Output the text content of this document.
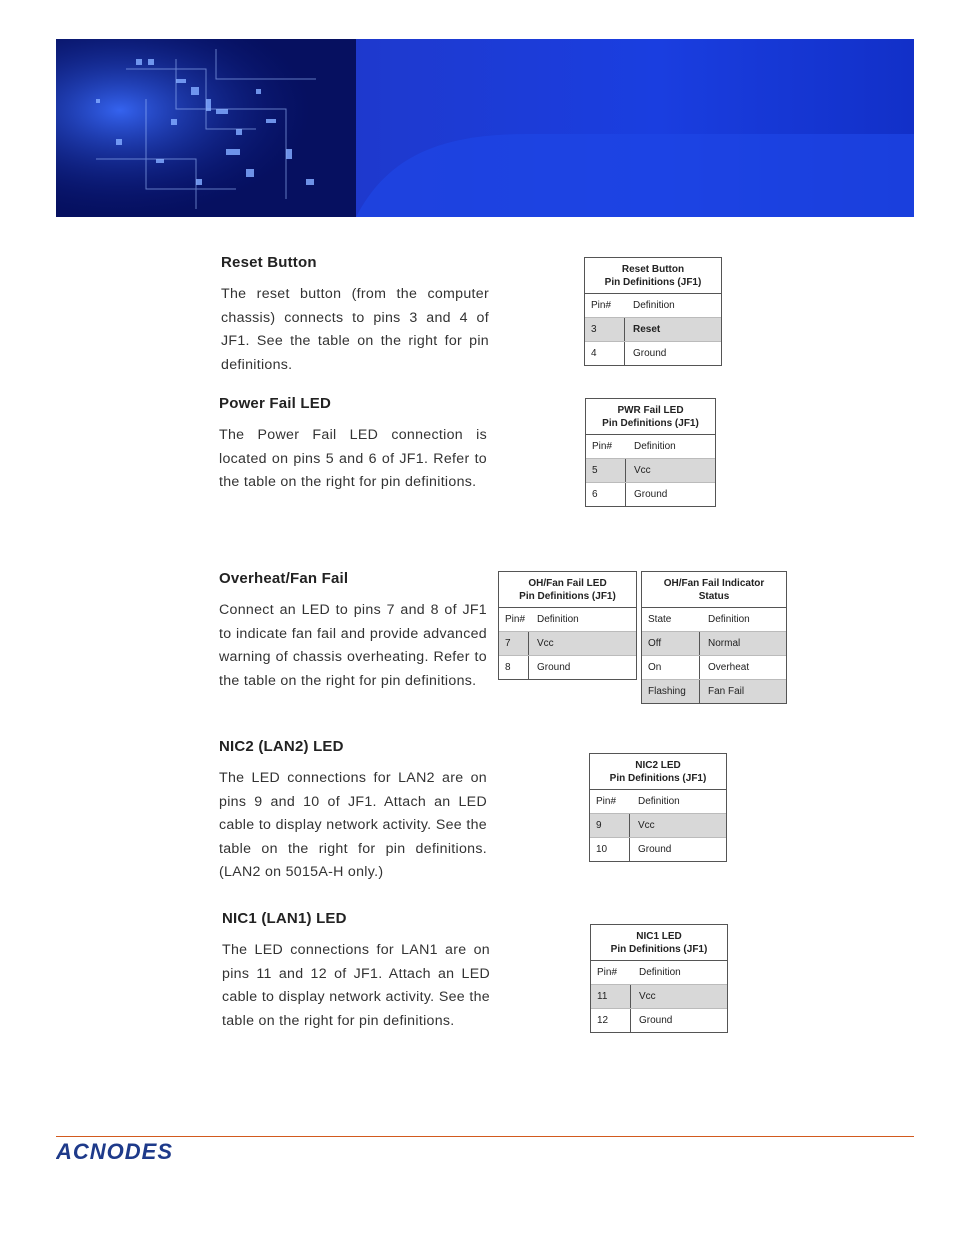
Reset Button

The reset button (from the computer chassis) connects to pins 3 and 4 of JF1. See the table on the right for pin definitions.

Reset Button
Pin Definitions (JF1)
Pin#	Definition
3	Reset
4	Ground
Power Fail LED

The Power Fail LED connection is located on pins 5 and 6 of JF1. Refer to the table on the right for pin definitions.

PWR Fail LED
Pin Definitions (JF1)
Pin#	Definition
5	Vcc
6	Ground
Overheat/Fan Fail

Connect an LED to pins 7 and 8 of JF1 to indicate fan fail and provide advanced warning of chassis overheating. Refer to the table on the right for pin definitions.

OH/Fan Fail LED
Pin Definitions (JF1)
Pin#	Definition
7	Vcc
8	Ground
OH/Fan Fail Indicator
Status
State	Definition
Off	Normal
On	Overheat
Flashing	Fan Fail
NIC2 (LAN2) LED

The LED connections for LAN2 are on pins 9 and 10 of JF1. Attach an LED cable to display network activity. See the table on the right for pin definitions. (LAN2 on 5015A-H only.)

NIC2 LED
Pin Definitions (JF1)
Pin#	Definition
9	Vcc
10	Ground
NIC1 (LAN1) LED

The LED connections for LAN1 are on pins 11 and 12 of JF1. Attach an LED cable to display network activity. See the table on the right for pin definitions.

NIC1 LED
Pin Definitions (JF1)
Pin#	Definition
11	Vcc
12	Ground
ACNODES
